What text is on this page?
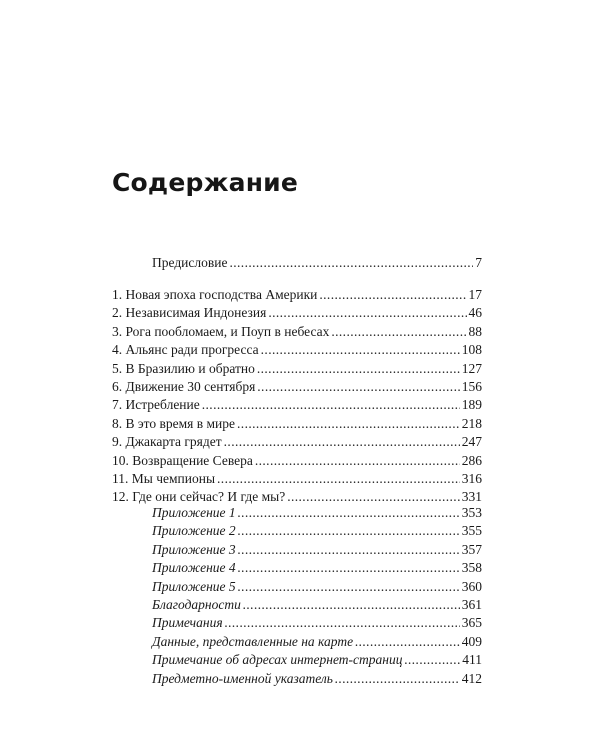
Содержание
Предисловие .....	7
1. Новая эпоха господства Америки .....	17
2. Независимая Индонезия .....	46
3. Рога пообломаем, и Поуп в небесах .....	88
4. Альянс ради прогресса .....	108
5. В Бразилию и обратно .....	127
6. Движение 30 сентября .....	156
7. Истребление .....	189
8. В это время в мире .....	218
9. Джакарта грядет .....	247
10. Возвращение Севера .....	286
11. Мы чемпионы .....	316
12. Где они сейчас? И где мы? .....	331
Приложение 1 .....	353
Приложение 2 .....	355
Приложение 3 .....	357
Приложение 4 .....	358
Приложение 5 .....	360
Благодарности .....	361
Примечания .....	365
Данные, представленные на карте .....	409
Примечание об адресах интернет-страниц .....	411
Предметно-именной указатель .....	412
